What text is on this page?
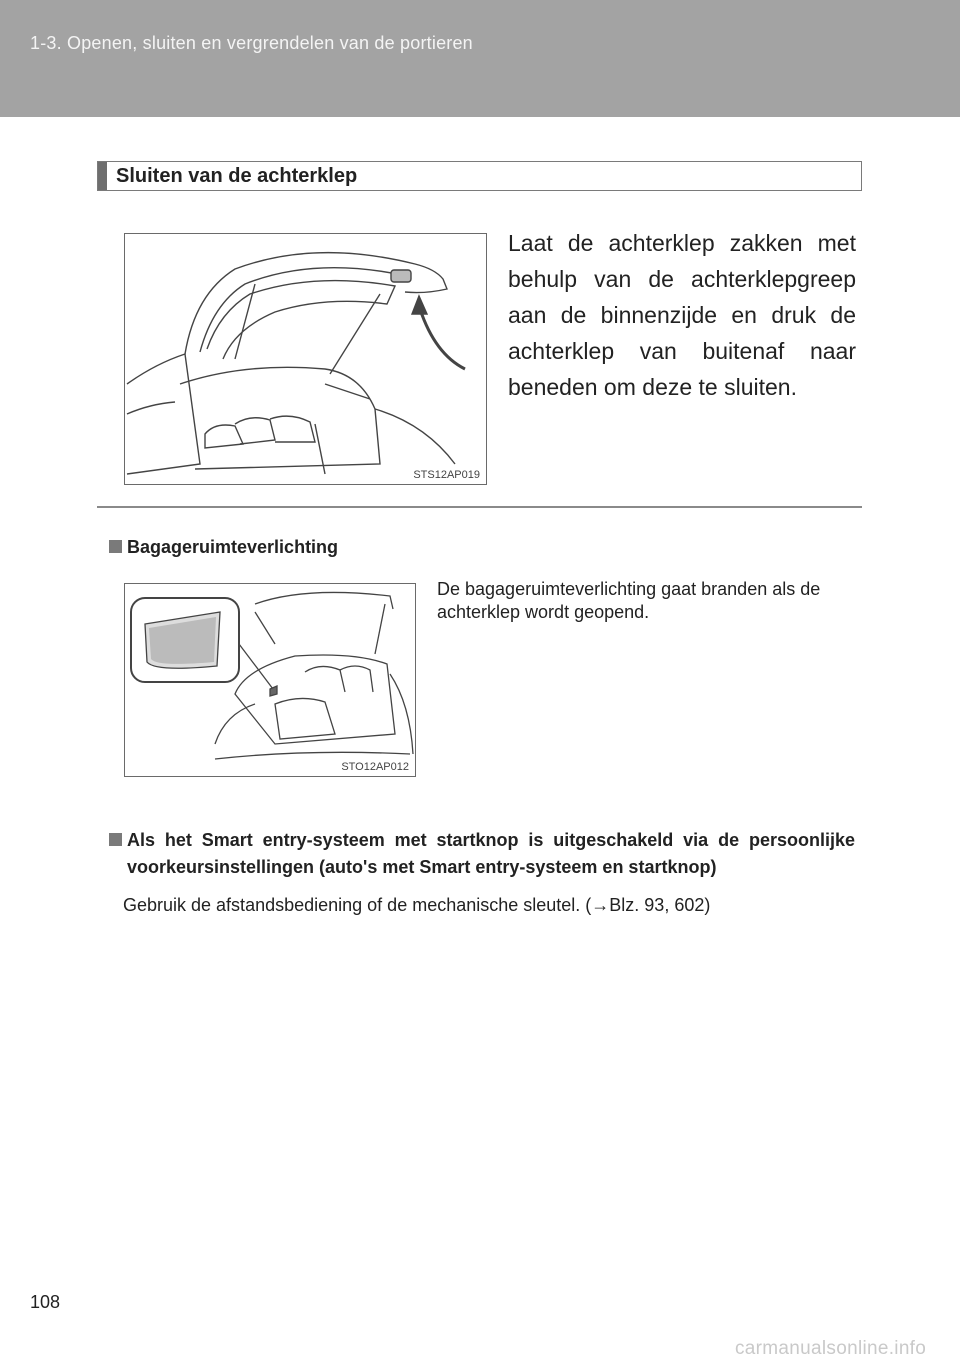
1-3. Openen, sluiten en vergrendelen van de portieren
Sluiten van de achterklep
STS12AP019
Laat de achterklep zakken met behulp van de achterklepgreep aan de binnenzijde en druk de achterklep van buitenaf naar beneden om deze te sluiten.
Bagageruimteverlichting
STO12AP012
De bagageruimteverlichting gaat branden als de achterklep wordt geopend.
Als het Smart entry-systeem met startknop is uitgeschakeld via de persoonlijke voorkeursinstellingen (auto's met Smart entry-systeem en startknop)
Gebruik de afstandsbediening of de mechanische sleutel. (→Blz. 93, 602)
108
carmanualsonline.info
